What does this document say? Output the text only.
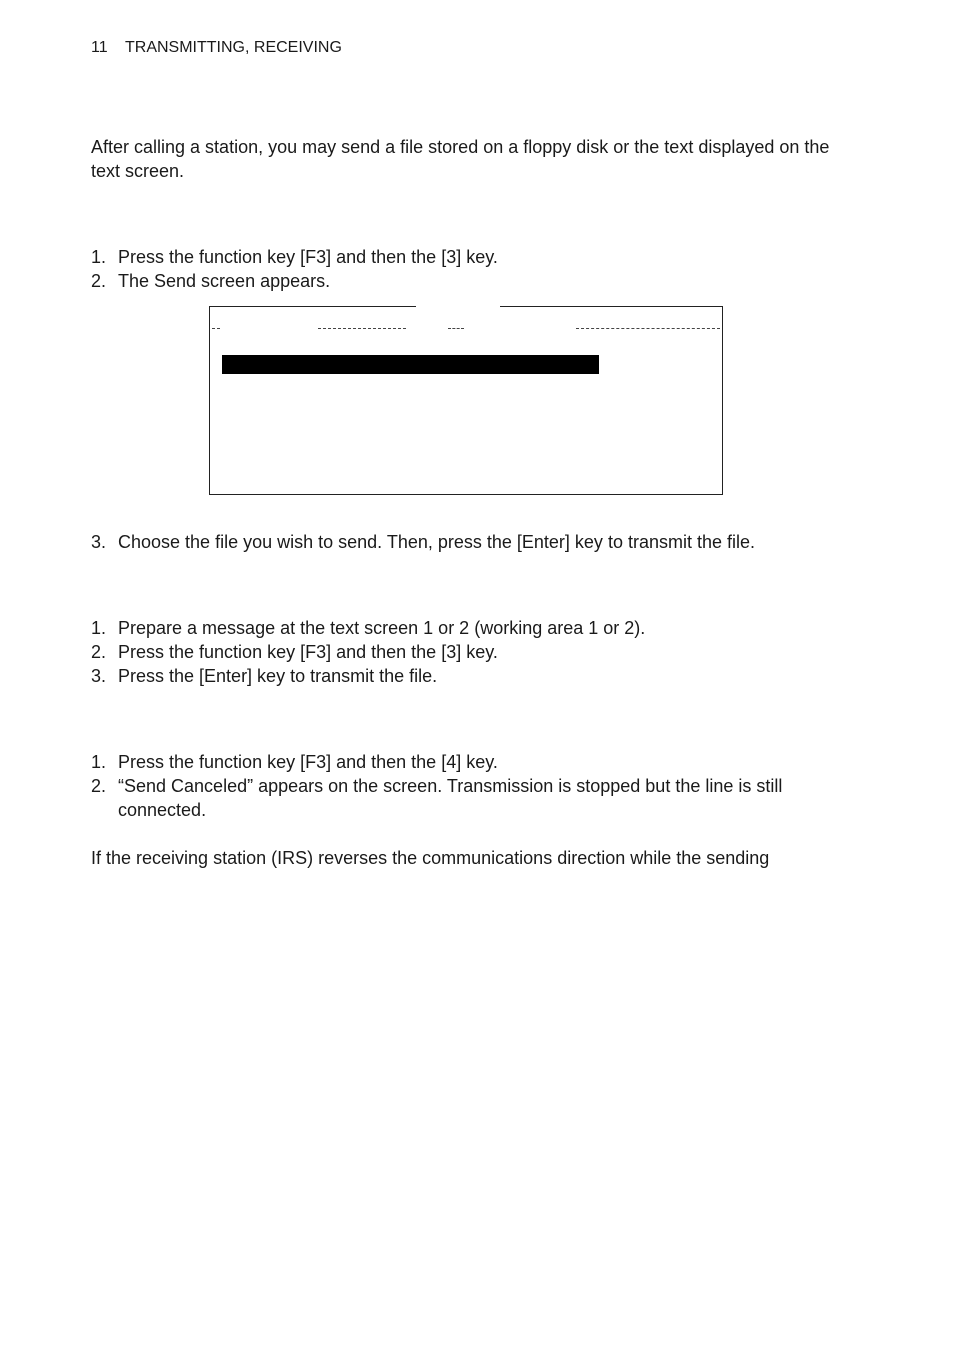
11 TRANSMITTING, RECEIVING
After calling a station, you may send a file stored on a floppy disk or the text displayed on the text screen.
1. Press the function key [F3] and then the [3] key.
2. The Send screen appears.
3. Choose the file you wish to send. Then, press the [Enter] key to transmit the file.
1. Prepare a message at the text screen 1 or 2 (working area 1 or 2).
2. Press the function key [F3] and then the [3] key.
3. Press the [Enter] key to transmit the file.
1. Press the function key [F3] and then the [4] key.
2. “Send Canceled” appears on the screen. Transmission is stopped but the line is still connected.
If the receiving station (IRS) reverses the communications direction while the sending
